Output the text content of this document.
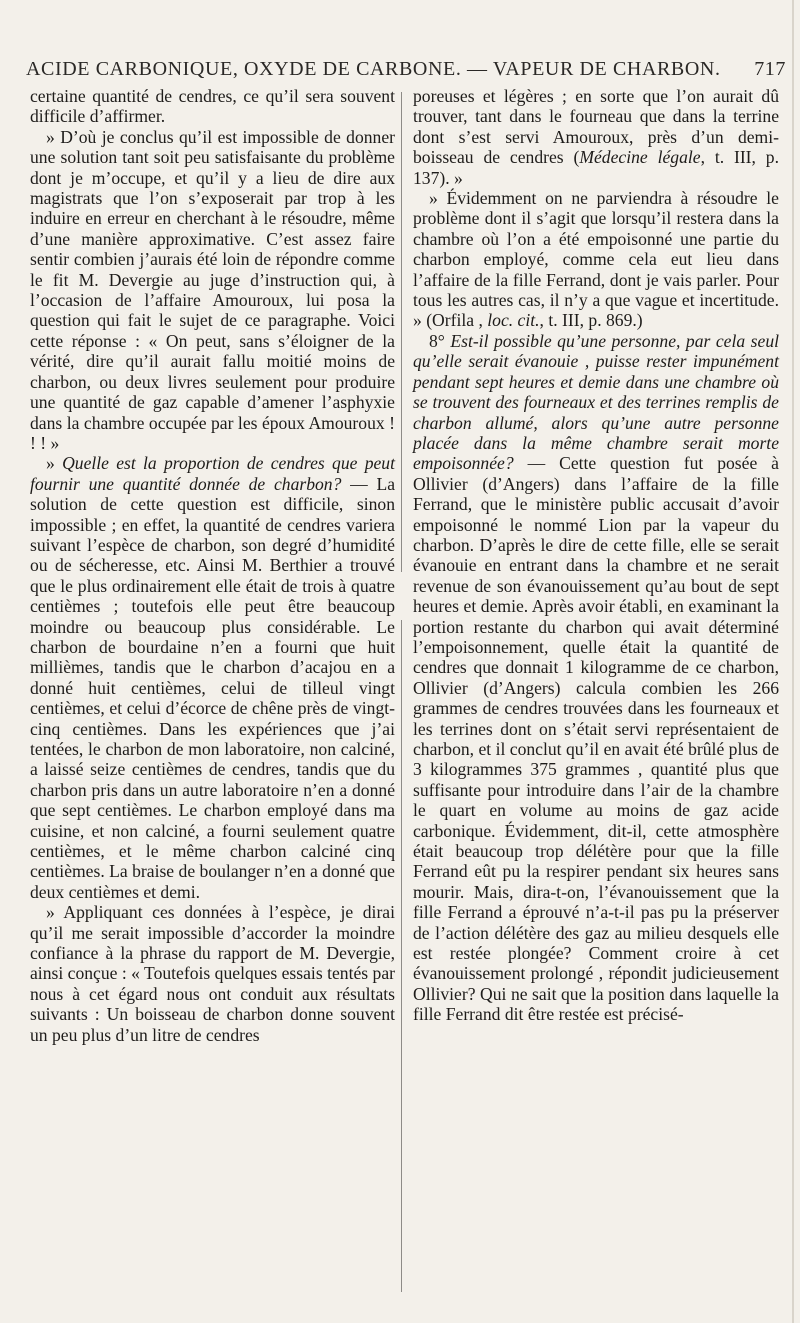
ACIDE CARBONIQUE, OXYDE DE CARBONE. — VAPEUR DE CHARBON. 717

certaine quantité de cendres, ce qu’il sera souvent difficile d’affirmer.

» D’où je conclus qu’il est impossible de donner une solution tant soit peu satisfaisante du problème dont je m’occupe, et qu’il y a lieu de dire aux magistrats que l’on s’exposerait par trop à les induire en erreur en cherchant à le résoudre, même d’une manière approximative. C’est assez faire sentir combien j’aurais été loin de répondre comme le fit M. Devergie au juge d’instruction qui, à l’occasion de l’affaire Amouroux, lui posa la question qui fait le sujet de ce paragraphe. Voici cette réponse : « On peut, sans s’éloigner de la vérité, dire qu’il aurait fallu moitié moins de charbon, ou deux livres seulement pour produire une quantité de gaz capable d’amener l’asphyxie dans la chambre occupée par les époux Amouroux ! ! ! »

» Quelle est la proportion de cendres que peut fournir une quantité donnée de charbon? — La solution de cette question est difficile, sinon impossible ; en effet, la quantité de cendres variera suivant l’espèce de charbon, son degré d’humidité ou de sécheresse, etc. Ainsi M. Berthier a trouvé que le plus ordinairement elle était de trois à quatre centièmes ; toutefois elle peut être beaucoup moindre ou beaucoup plus considérable. Le charbon de bourdaine n’en a fourni que huit millièmes, tandis que le charbon d’acajou en a donné huit centièmes, celui de tilleul vingt centièmes, et celui d’écorce de chêne près de vingt-cinq centièmes. Dans les expériences que j’ai tentées, le charbon de mon laboratoire, non calciné, a laissé seize centièmes de cendres, tandis que du charbon pris dans un autre laboratoire n’en a donné que sept centièmes. Le charbon employé dans ma cuisine, et non calciné, a fourni seulement quatre centièmes, et le même charbon calciné cinq centièmes. La braise de boulanger n’en a donné que deux centièmes et demi.

» Appliquant ces données à l’espèce, je dirai qu’il me serait impossible d’accorder la moindre confiance à la phrase du rapport de M. Devergie, ainsi conçue : « Toutefois quelques essais tentés par nous à cet égard nous ont conduit aux résultats suivants : Un boisseau de charbon donne souvent un peu plus d’un litre de cendres

poreuses et légères ; en sorte que l’on aurait dû trouver, tant dans le fourneau que dans la terrine dont s’est servi Amouroux, près d’un demi-boisseau de cendres (Médecine légale, t. III, p. 137). »

» Évidemment on ne parviendra à résoudre le problème dont il s’agit que lorsqu’il restera dans la chambre où l’on a été empoisonné une partie du charbon employé, comme cela eut lieu dans l’affaire de la fille Ferrand, dont je vais parler. Pour tous les autres cas, il n’y a que vague et incertitude. » (Orfila , loc. cit., t. III, p. 869.)

8° Est-il possible qu’une personne, par cela seul qu’elle serait évanouie , puisse rester impunément pendant sept heures et demie dans une chambre où se trouvent des fourneaux et des terrines remplis de charbon allumé, alors qu’une autre personne placée dans la même chambre serait morte empoisonnée? — Cette question fut posée à Ollivier (d’Angers) dans l’affaire de la fille Ferrand, que le ministère public accusait d’avoir empoisonné le nommé Lion par la vapeur du charbon. D’après le dire de cette fille, elle se serait évanouie en entrant dans la chambre et ne serait revenue de son évanouissement qu’au bout de sept heures et demie. Après avoir établi, en examinant la portion restante du charbon qui avait déterminé l’empoisonnement, quelle était la quantité de cendres que donnait 1 kilogramme de ce charbon, Ollivier (d’Angers) calcula combien les 266 grammes de cendres trouvées dans les fourneaux et les terrines dont on s’était servi représentaient de charbon, et il conclut qu’il en avait été brûlé plus de 3 kilogrammes 375 grammes , quantité plus que suffisante pour introduire dans l’air de la chambre le quart en volume au moins de gaz acide carbonique. Évidemment, dit-il, cette atmosphère était beaucoup trop délétère pour que la fille Ferrand eût pu la respirer pendant six heures sans mourir. Mais, dira-t-on, l’évanouissement que la fille Ferrand a éprouvé n’a-t-il pas pu la préserver de l’action délétère des gaz au milieu desquels elle est restée plongée? Comment croire à cet évanouissement prolongé , répondit judicieusement Ollivier? Qui ne sait que la position dans laquelle la fille Ferrand dit être restée est précisé-
